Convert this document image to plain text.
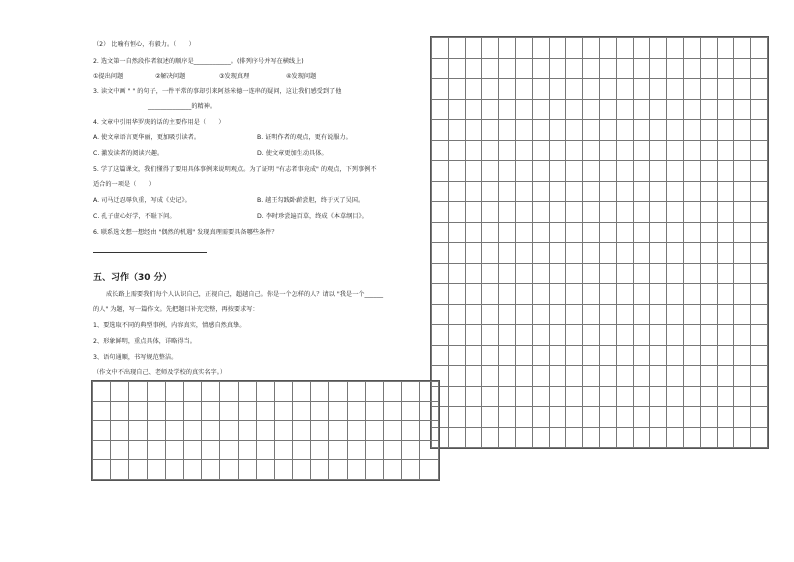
（2） 比喻有恒心，有毅力。（　　）
2. 选文第一自然段作者叙述的顺序是____________。(排列序号并写在横线上)
①提出问题	②解决问题	③发现真理	④发现问题
3. 读文中画 " " 的句子，一件平常的事却引来阿基米德一连串的疑问，这让我们感受到了他
______________的精神。
4. 文章中引用华罗庚的话的主要作用是（　　）
A. 使文章语言更华丽，更加吸引读者。	B. 证明作者的观点，更有说服力。
C. 激发读者的阅读兴趣。	D. 使文章更加生动具体。
5. 学了这篇课文，我们懂得了要用具体事例来说明观点。为了证明 "有志者事竟成" 的观点，下列事例不
适合的一项是（　　）
A. 司马迁忍辱负重，写成《史记》。	B. 越王勾践卧薪尝胆，终于灭了吴国。
C. 孔子虚心好学，不耻下问。	D. 李时珍尝遍百草，终成《本草纲目》。
6. 联系选文想一想经由 "偶然的机遇" 发现真理需要具备哪些条件？
五、习作（30 分）
成长路上需要我们每个人认识自己，正视自己，超越自己。你是一个怎样的人？请以 "我是一个______
的人" 为题，写一篇作文。先把题目补充完整，再按要求写：
1、要选取不同的典型事例，内容真实，情感自然真挚。
2、形象鲜明，重点具体，详略得当。
3、语句通顺，书写规范整洁。
（作文中不出现自己、老师及学校的真实名字。）
